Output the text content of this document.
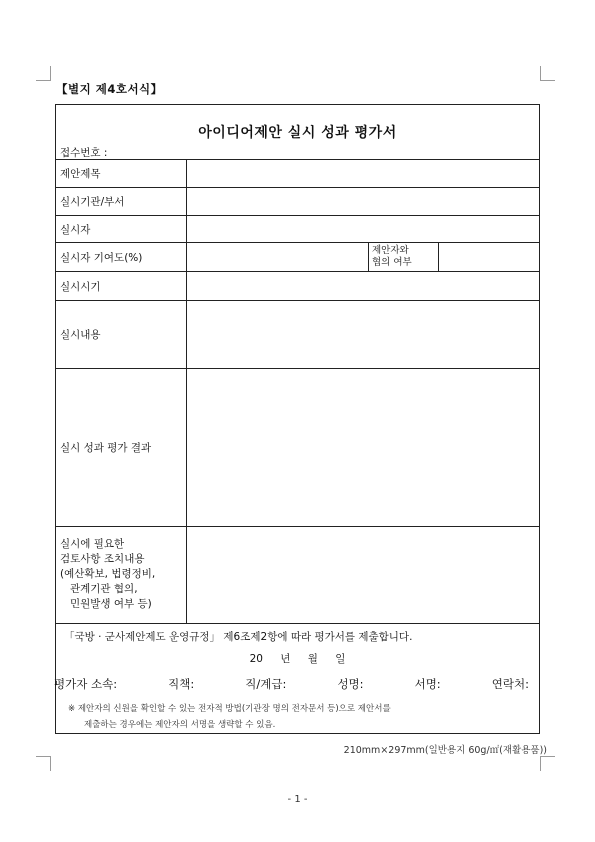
【별지 제4호서식】
아이디어제안 실시 성과 평가서
접수번호 :
제안제목
실시기관/부서
실시자
실시자 기여도(%)
제안자와
협의 여부
실시시기
실시내용
실시 성과 평가 결과
실시에 필요한
검토사항 조치내용
(예산확보, 법령정비,
관계기관 협의,
민원발생 여부 등)
「국방 · 군사제안제도 운영규정」 제6조제2항에 따라 평가서를 제출합니다.
20 년 월 일
평가자 소속:	직책:	직/계급:	성명:	서명:	연락처:
※ 제안자의 신원을 확인할 수 있는 전자적 방법(기관장 명의 전자문서 등)으로 제안서를
제출하는 경우에는 제안자의 서명을 생략할 수 있음.
210mm×297mm(일반용지 60g/㎡(재활용품))
- 1 -
